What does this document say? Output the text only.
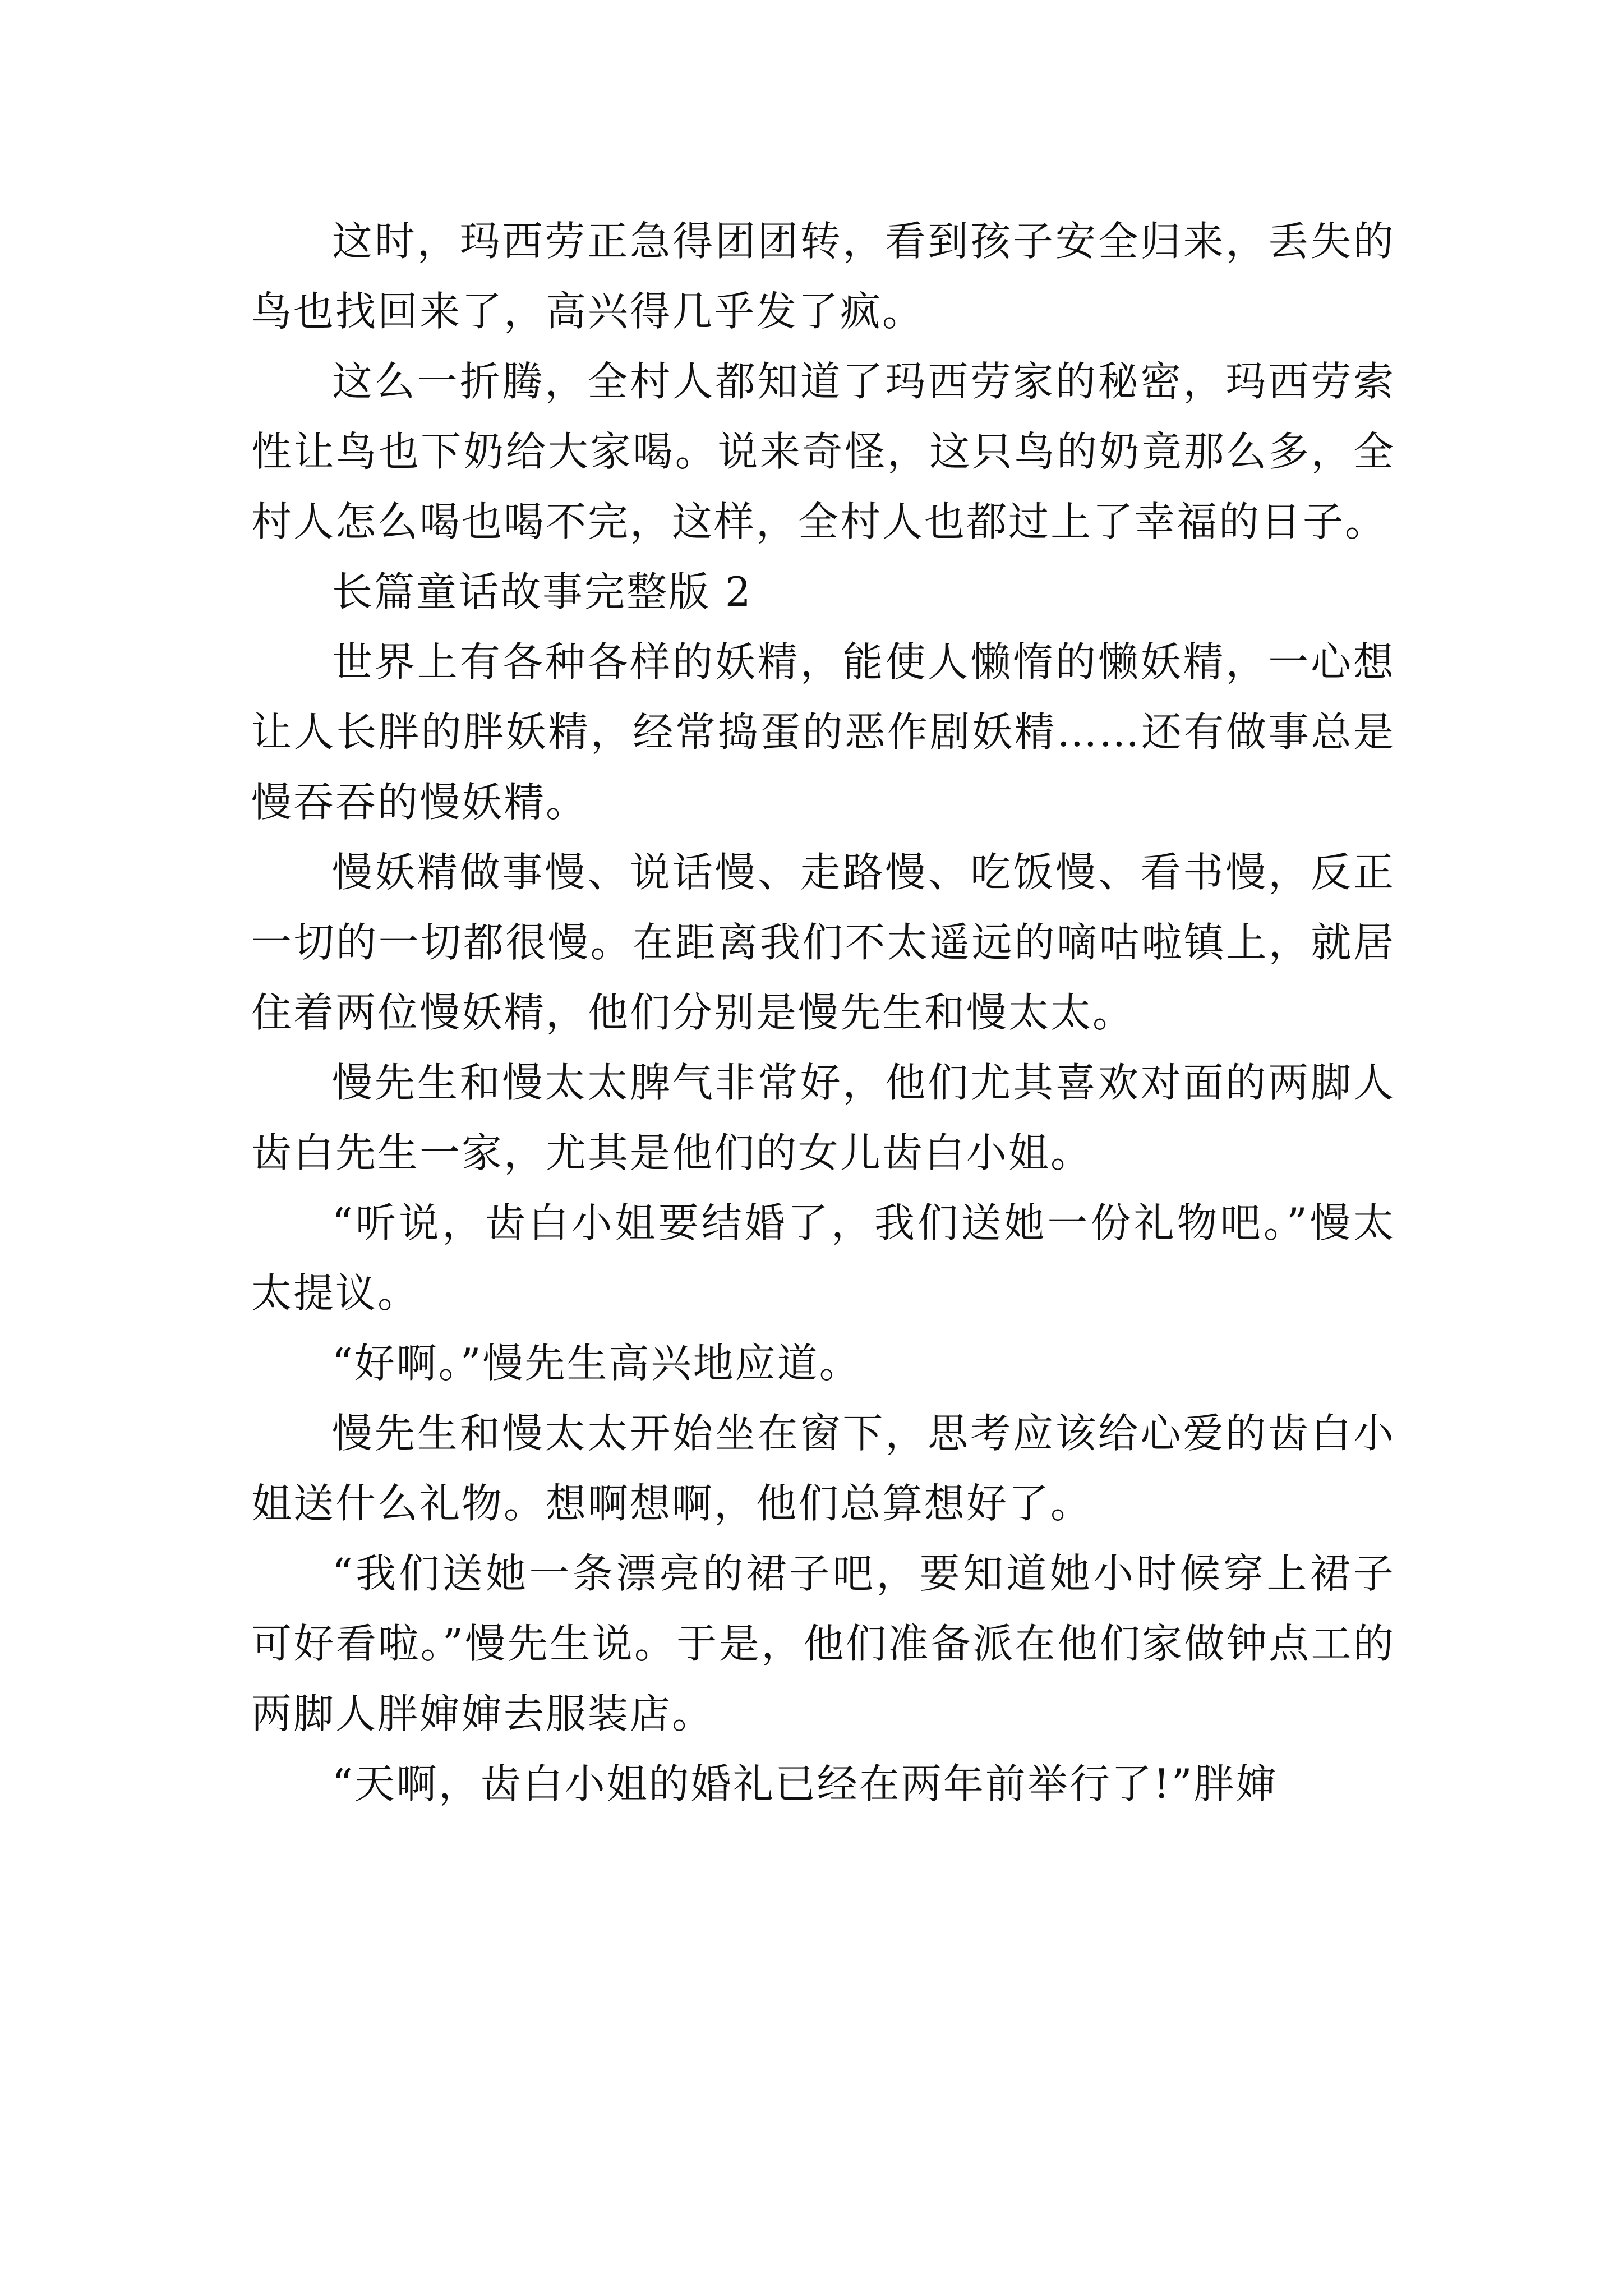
这时，玛西劳正急得团团转，看到孩子安全归来，丢失的鸟也找回来了，高兴得几乎发了疯。

这么一折腾，全村人都知道了玛西劳家的秘密，玛西劳索性让鸟也下奶给大家喝。说来奇怪，这只鸟的奶竟那么多，全村人怎么喝也喝不完，这样，全村人也都过上了幸福的日子。

长篇童话故事完整版 2

世界上有各种各样的妖精，能使人懒惰的懒妖精，一心想让人长胖的胖妖精，经常捣蛋的恶作剧妖精……还有做事总是慢吞吞的慢妖精。

慢妖精做事慢、说话慢、走路慢、吃饭慢、看书慢，反正一切的一切都很慢。在距离我们不太遥远的嘀咕啦镇上，就居住着两位慢妖精，他们分别是慢先生和慢太太。

慢先生和慢太太脾气非常好，他们尤其喜欢对面的两脚人齿白先生一家，尤其是他们的女儿齿白小姐。

“听说，齿白小姐要结婚了，我们送她一份礼物吧。”慢太太提议。

“好啊。”慢先生高兴地应道。

慢先生和慢太太开始坐在窗下，思考应该给心爱的齿白小姐送什么礼物。想啊想啊，他们总算想好了。

“我们送她一条漂亮的裙子吧，要知道她小时候穿上裙子可好看啦。”慢先生说。于是，他们准备派在他们家做钟点工的两脚人胖婶婶去服装店。

“天啊，齿白小姐的婚礼已经在两年前举行了!”胖婶
